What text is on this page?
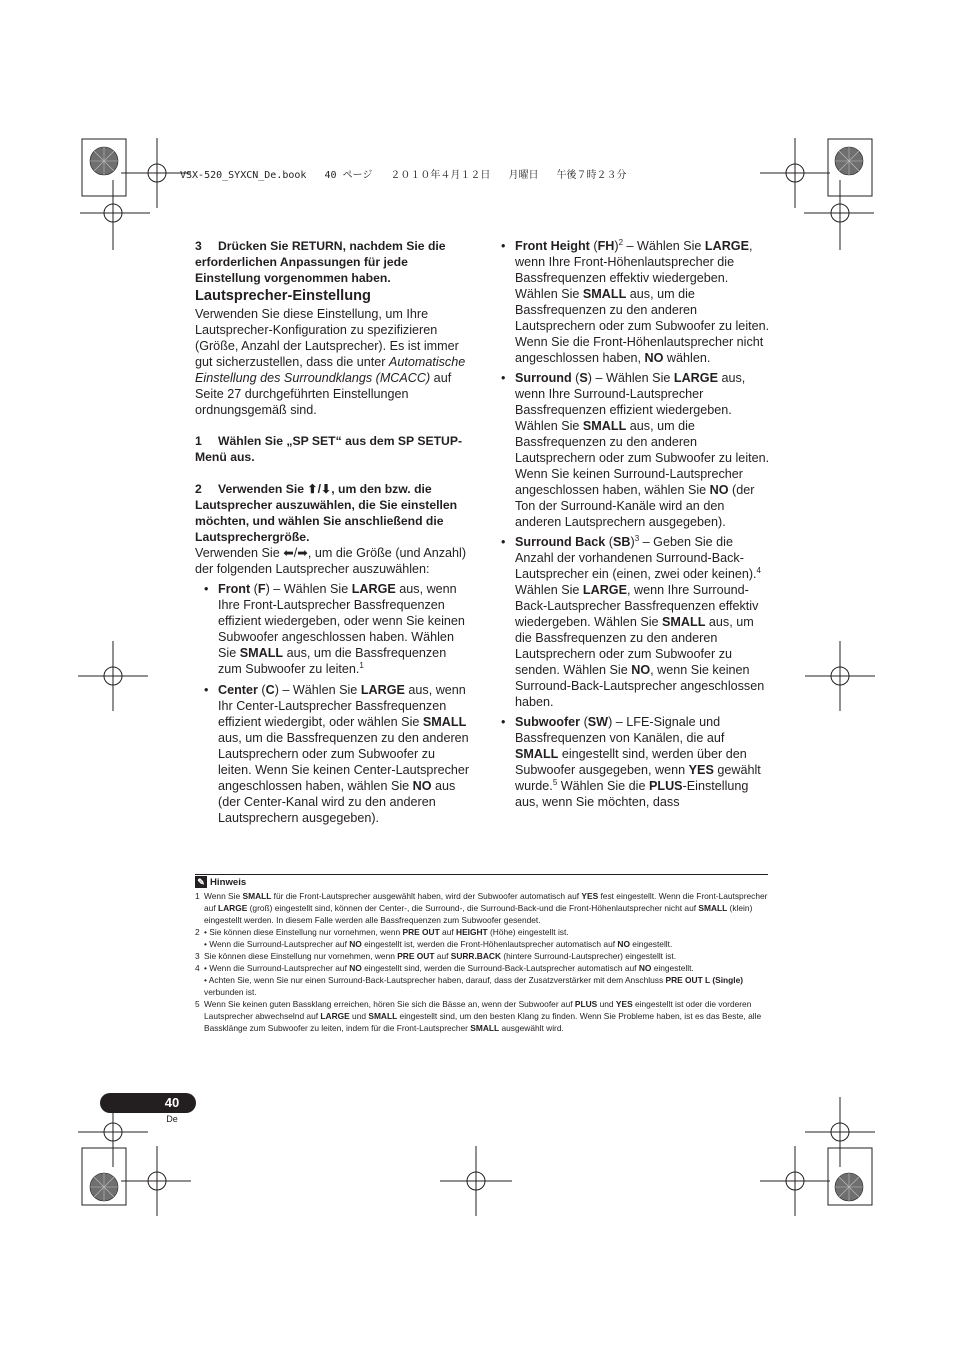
VSX-520_SYXCN_De.book   40 ページ   ２０１０年４月１２日   月曜日   午後７時２３分

3 Drücken Sie RETURN, nachdem Sie die erforderlichen Anpassungen für jede Einstellung vorgenommen haben.

Lautsprecher-Einstellung

Verwenden Sie diese Einstellung, um Ihre Lautsprecher-Konfiguration zu spezifizieren (Größe, Anzahl der Lautsprecher). Es ist immer gut sicherzustellen, dass die unter Automatische Einstellung des Surroundklangs (MCACC) auf Seite 27 durchgeführten Einstellungen ordnungsgemäß sind.

1 Wählen Sie „SP SET“ aus dem SP SETUP-Menü aus.

2 Verwenden Sie ⬆/⬇, um den bzw. die Lautsprecher auszuwählen, die Sie einstellen möchten, und wählen Sie anschließend die Lautsprechergröße.

Verwenden Sie ⬅/➡, um die Größe (und Anzahl) der folgenden Lautsprecher auszuwählen:

• Front (F) – Wählen Sie LARGE aus, wenn Ihre Front-Lautsprecher Bassfrequenzen effizient wiedergeben, oder wenn Sie keinen Subwoofer angeschlossen haben. Wählen Sie SMALL aus, um die Bassfrequenzen zum Subwoofer zu leiten.$^1$

• Center (C) – Wählen Sie LARGE aus, wenn Ihr Center-Lautsprecher Bassfrequenzen effizient wiedergibt, oder wählen Sie SMALL aus, um die Bassfrequenzen zu den anderen Lautsprechern oder zum Subwoofer zu leiten. Wenn Sie keinen Center-Lautsprecher angeschlossen haben, wählen Sie NO aus (der Center-Kanal wird zu den anderen Lautsprechern ausgegeben).

• Front Height (FH)$^2$ – Wählen Sie LARGE, wenn Ihre Front-Höhenlautsprecher die Bassfrequenzen effektiv wiedergeben. Wählen Sie SMALL aus, um die Bassfrequenzen zu den anderen Lautsprechern oder zum Subwoofer zu leiten. Wenn Sie die Front-Höhenlautsprecher nicht angeschlossen haben, NO wählen.

• Surround (S) – Wählen Sie LARGE aus, wenn Ihre Surround-Lautsprecher Bassfrequenzen effizient wiedergeben. Wählen Sie SMALL aus, um die Bassfrequenzen zu den anderen Lautsprechern oder zum Subwoofer zu leiten. Wenn Sie keinen Surround-Lautsprecher angeschlossen haben, wählen Sie NO (der Ton der Surround-Kanäle wird an den anderen Lautsprechern ausgegeben).

• Surround Back (SB)$^3$ – Geben Sie die Anzahl der vorhandenen Surround-Back-Lautsprecher ein (einen, zwei oder keinen).$^4$ Wählen Sie LARGE, wenn Ihre Surround-Back-Lautsprecher Bassfrequenzen effektiv wiedergeben. Wählen Sie SMALL aus, um die Bassfrequenzen zu den anderen Lautsprechern oder zum Subwoofer zu senden. Wählen Sie NO, wenn Sie keinen Surround-Back-Lautsprecher angeschlossen haben.

• Subwoofer (SW) – LFE-Signale und Bassfrequenzen von Kanälen, die auf SMALL eingestellt sind, werden über den Subwoofer ausgegeben, wenn YES gewählt wurde.$^5$ Wählen Sie die PLUS-Einstellung aus, wenn Sie möchten, dass

✎ Hinweis
1 Wenn Sie SMALL für die Front-Lautsprecher ausgewählt haben, wird der Subwoofer automatisch auf YES fest eingestellt. Wenn die Front-Lautsprecher auf LARGE (groß) eingestellt sind, können der Center-, die Surround-, die Surround-Back-und die Front-Höhenlautsprecher nicht auf SMALL (klein) eingestellt werden. In diesem Falle werden alle Bassfrequenzen zum Subwoofer gesendet.
2 • Sie können diese Einstellung nur vornehmen, wenn PRE OUT auf HEIGHT (Höhe) eingestellt ist.
• Wenn die Surround-Lautsprecher auf NO eingestellt ist, werden die Front-Höhenlautsprecher automatisch auf NO eingestellt.
3 Sie können diese Einstellung nur vornehmen, wenn PRE OUT auf SURR.BACK (hintere Surround-Lautsprecher) eingestellt ist.
4 • Wenn die Surround-Lautsprecher auf NO eingestellt sind, werden die Surround-Back-Lautsprecher automatisch auf NO eingestellt.
• Achten Sie, wenn Sie nur einen Surround-Back-Lautsprecher haben, darauf, dass der Zusatzverstärker mit dem Anschluss PRE OUT L (Single) verbunden ist.
5 Wenn Sie keinen guten Bassklang erreichen, hören Sie sich die Bässe an, wenn der Subwoofer auf PLUS und YES eingestellt ist oder die vorderen Lautsprecher abwechselnd auf LARGE und SMALL eingestellt sind, um den besten Klang zu finden. Wenn Sie Probleme haben, ist es das Beste, alle Bassklänge zum Subwoofer zu leiten, indem für die Front-Lautsprecher SMALL ausgewählt wird.
40
De
